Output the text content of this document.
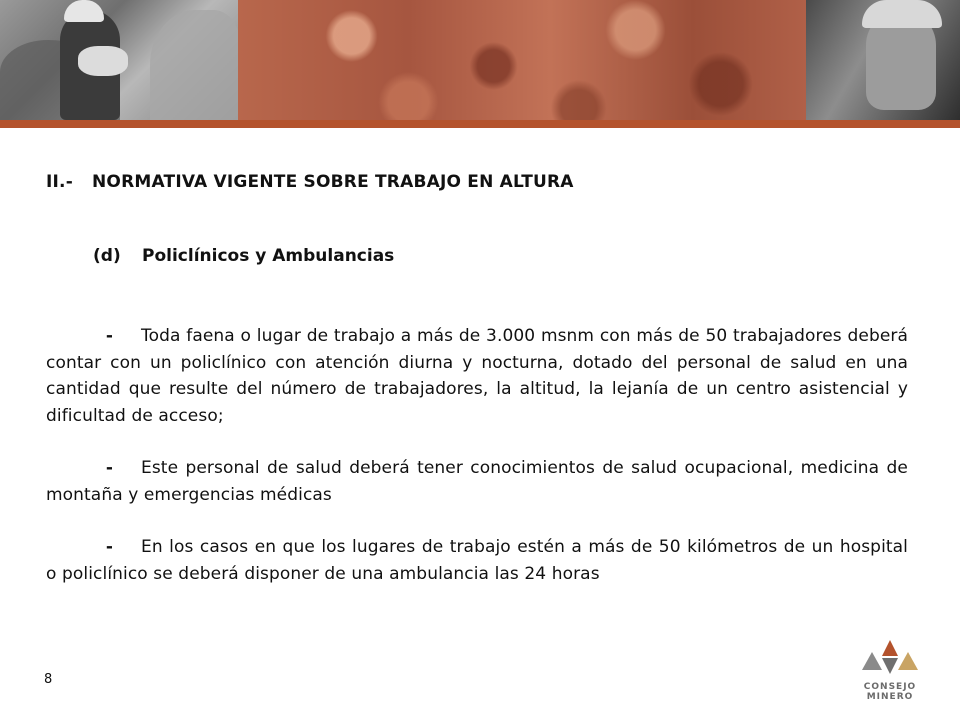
II.-	NORMATIVA VIGENTE SOBRE TRABAJO EN ALTURA
(d)	Policlínicos y Ambulancias
- Toda faena o lugar de trabajo a más de 3.000 msnm con más de 50 trabajadores deberá contar con un policlínico con atención diurna y nocturna, dotado del personal de salud en una cantidad que resulte del número de trabajadores, la altitud, la lejanía de un centro asistencial y dificultad de acceso;
- Este personal de salud deberá tener conocimientos de salud ocupacional, medicina de montaña y emergencias médicas
- En los casos en que los lugares de trabajo estén a más de 50 kilómetros de un hospital o policlínico se deberá disponer de una ambulancia las 24 horas
8	CONSEJO
MINERO
